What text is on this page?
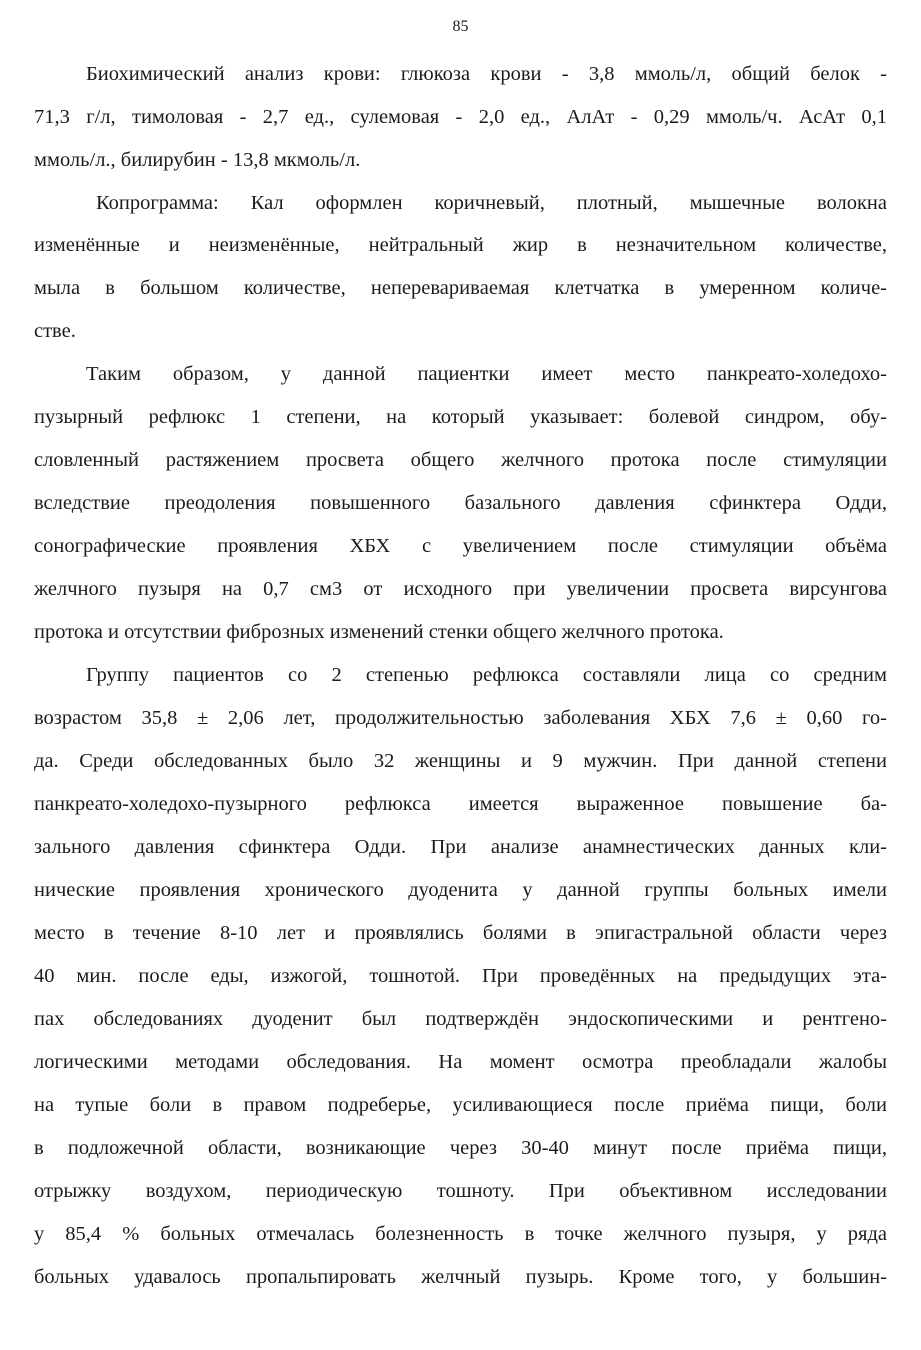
85
Биохимический анализ крови: глюкоза крови - 3,8 ммоль/л, общий белок -
71,3 г/л, тимоловая - 2,7 ед., сулемовая - 2,0 ед., АлАт - 0,29 ммоль/ч. АсАт 0,1
ммоль/л., билирубин - 13,8 мкмоль/л.
Копрограмма: Кал оформлен коричневый, плотный, мышечные волокна
изменённые и неизменённые, нейтральный жир в незначительном количестве,
мыла в большом количестве, непереваривaемая клетчатка в умеренном количе-
стве.
Таким образом, у данной пациентки имеет место панкреато-холедохо-
пузырный рефлюкс 1 степени, на который указывает: болевой синдром, обу-
словленный растяжением просвета общего желчного протока после стимуляции
вследствие преодоления повышенного базального давления сфинктера Одди,
сонографические проявления ХБХ с увеличением после стимуляции объёма
желчного пузыря на 0,7 см3 от исходного при увеличении просвета вирсунгова
протока и отсутствии фиброзных изменений стенки общего желчного протока.
Группу пациентов со 2 степенью рефлюкса составляли лица со средним
возрастом 35,8 ± 2,06 лет, продолжительностью заболевания ХБХ 7,6 ± 0,60 го-
да. Среди обследованных было 32 женщины и 9 мужчин. При данной степени
панкреато-холедохо-пузырного рефлюкса имеется выраженное повышение ба-
зального давления сфинктера Одди. При анализе анамнестических данных кли-
нические проявления хронического дуоденита у данной группы больных имели
место в течение 8-10 лет и проявлялись болями в эпигастральной области через
40 мин. после еды, изжогой, тошнотой. При проведённых на предыдущих эта-
пах обследованиях дуоденит был подтверждён эндоскопическими и рентгено-
логическими методами обследования. На момент осмотра преобладали жалобы
на тупые боли в правом подреберье, усиливающиеся после приёма пищи, боли
в подложечной области, возникающие через 30-40 минут после приёма пищи,
отрыжку воздухом, периодическую тошноту. При объективном исследовании
у 85,4 % больных отмечалась болезненность в точке желчного пузыря, у ряда
больных удавалось пропальпировать желчный пузырь. Кроме того, у большин-
